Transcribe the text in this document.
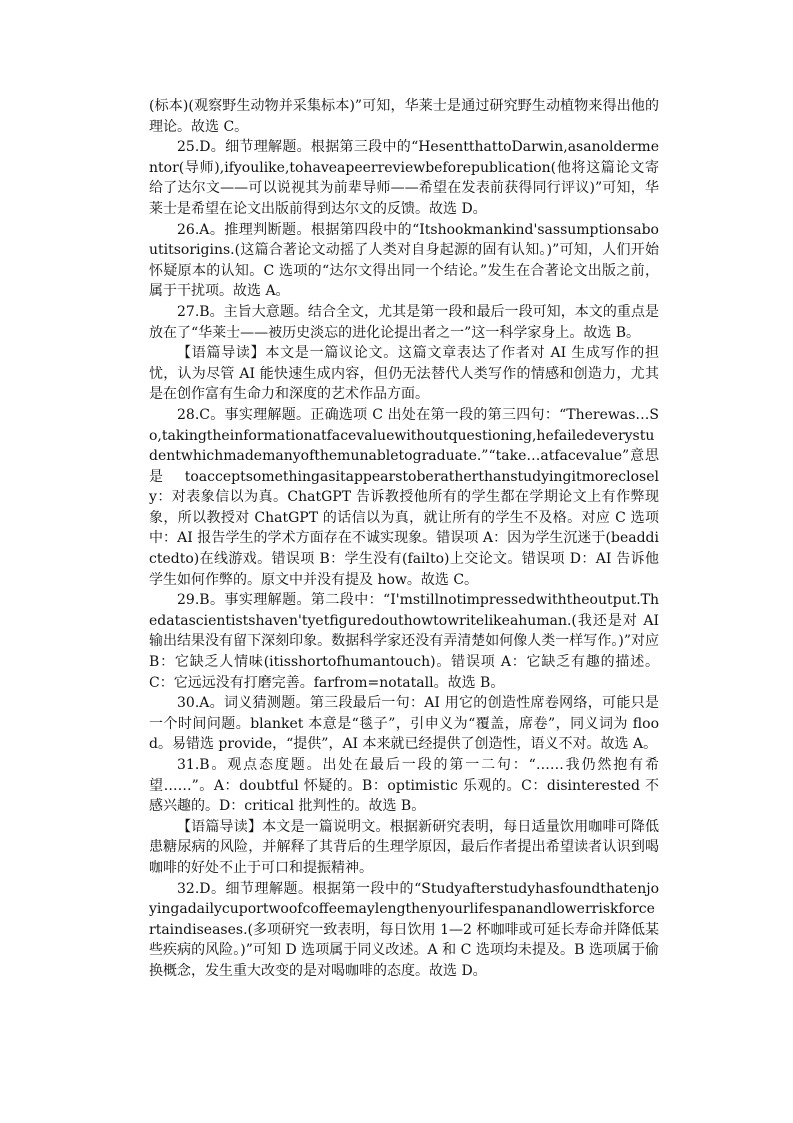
(标本)(观察野生动物并采集标本)”可知，华莱士是通过研究野生动植物来得出他的理论。故选 C。

25.D。细节理解题。根据第三段中的“HesentthattoDarwin,asanoldermentor(导师),ifyoulike,tohaveapeerreviewbeforepublication(他将这篇论文寄给了达尔文——可以说视其为前辈导师——希望在发表前获得同行评议)”可知，华莱士是希望在论文出版前得到达尔文的反馈。故选 D。

26.A。推理判断题。根据第四段中的“Itshookmankind'sassumptionsaboutitsorigins.(这篇合著论文动摇了人类对自身起源的固有认知。)”可知，人们开始怀疑原本的认知。C 选项的“达尔文得出同一个结论。”发生在合著论文出版之前，属于干扰项。故选 A。

27.B。主旨大意题。结合全文，尤其是第一段和最后一段可知，本文的重点是放在了“华莱士——被历史淡忘的进化论提出者之一”这一科学家身上。故选 B。

【语篇导读】本文是一篇议论文。这篇文章表达了作者对 AI 生成写作的担忧，认为尽管 AI 能快速生成内容，但仍无法替代人类写作的情感和创造力，尤其是在创作富有生命力和深度的艺术作品方面。

28.C。事实理解题。正确选项 C 出处在第一段的第三四句：“Therewas…So,takingtheinformationatfacevaluewithoutquestioning,hefailedeverystudentwhichmademanyofthemunabletograduate.”“take…atfacevalue”意思是 toacceptsomethingasitappearstoberatherthanstudyingitmoreclosely：对表象信以为真。ChatGPT 告诉教授他所有的学生都在学期论文上有作弊现象，所以教授对 ChatGPT 的话信以为真，就让所有的学生不及格。对应 C 选项中：AI 报告学生的学术方面存在不诚实现象。错误项 A：因为学生沉迷于(beaddictedto)在线游戏。错误项 B：学生没有(failto)上交论文。错误项 D：AI 告诉他学生如何作弊的。原文中并没有提及 how。故选 C。

29.B。事实理解题。第二段中：“I'mstillnotimpressedwiththeoutput.Thedatascientistshaven'tyetfiguredouthowtowritelikeahuman.(我还是对 AI 输出结果没有留下深刻印象。数据科学家还没有弄清楚如何像人类一样写作。)”对应 B：它缺乏人情味(itisshortofhumantouch)。错误项 A：它缺乏有趣的描述。C：它远远没有打磨完善。farfrom=notatall。故选 B。

30.A。词义猜测题。第三段最后一句：AI 用它的创造性席卷网络，可能只是一个时间问题。blanket 本意是“毯子”，引申义为“覆盖，席卷”，同义词为 flood。易错选 provide，“提供”，AI 本来就已经提供了创造性，语义不对。故选 A。

31.B。观点态度题。出处在最后一段的第一二句：“……我仍然抱有希望……”。A：doubtful 怀疑的。B：optimistic 乐观的。C：disinterested 不感兴趣的。D：critical 批判性的。故选 B。

【语篇导读】本文是一篇说明文。根据新研究表明，每日适量饮用咖啡可降低患糖尿病的风险，并解释了其背后的生理学原因，最后作者提出希望读者认识到喝咖啡的好处不止于可口和提振精神。

32.D。细节理解题。根据第一段中的“Studyafterstudyhasfoundthatenjoyingadailycuportwoofcoffeemaylengthenyourlifespanandlowerriskforcertaindiseases.(多项研究一致表明，每日饮用 1—2 杯咖啡或可延长寿命并降低某些疾病的风险。)”可知 D 选项属于同义改述。A 和 C 选项均未提及。B 选项属于偷换概念，发生重大改变的是对喝咖啡的态度。故选 D。
